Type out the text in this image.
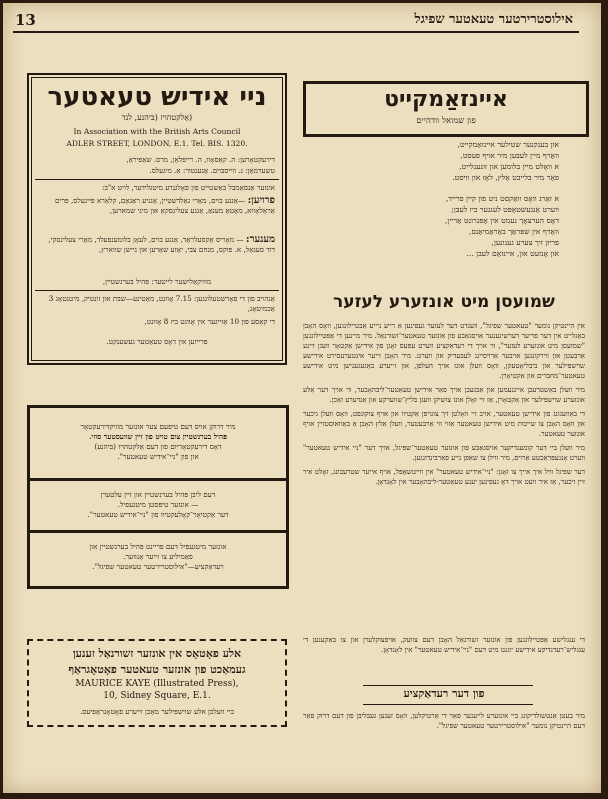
13	אילוסטרירטער טעאטער שפיגל
ניי אידיש טעאטער
(אַלקטהויז (בּיהנע, לנד
In Association with the British Arts Council
ADLER STREET, LONDON, E.1. Tel. BIS. 1320.
דירעקטאָרען: ה. קאַסאָוו, ה. רייפּלאַן, מרס. שאַפּיראַ,
טשערמאַן: ג. ווייסבּוים. אַגענטור: אַ. מיגעלס.
אונזער אַנסאַמבּל באַשטייט פון פאָלגנדע מיטגלידער, לויט א"ב:
פרויען: —אַננע בוים, מאַרי גאַלדשטיין, אַנניע ראַנאַם, קלאַרא פייגעלס, פּרים אַראַלאָווא, מאַטאַ מענאַ, אַנגע צעלינסקאַ און מיני שמארען,
מענער: — מאָריס אַקסעלראַד, אַנגע בוים, לעאָן בלומענפעלד, מאַרי צעלינסקי, דוד סעגאַל, א. פוקס, מנחם צבי, יאַזע שאַרען און ניישן שווארץ,
מוזיקאַלישער לייטער: פּהיל בערנשטיין,
אַנהויב פון די פאָרשטעלונגען: 7.15 אָוונט, מאַטינע—שבּת און זונטיק, מיטנטאָג 3 אַכמיטאָג,
די קאַסע פון 10 אַזייגער אין אָוונט ביז 8 אָוונט,
פּרייזען אין דאָס טעאַטער געשענקט.

מיר דרוקן אויס דעם טיפעם צער אונזער מוזיקדירעקטאָר

פּהיל בערנשטיין צום טויט פון זיין שוועסטער סוזי.

דאָס דירעקטאָריום פון דעם אַלקטהויז (בּיהנע)

און פון "ניי־אידיש טעאטער".

דעם ליבּן פּהיל בערנשטיין און זיין עלטערן

— אונזער טיפּסטן מיטגעפיל.

דער אַקטיאָר־קאָלעקטיוו פון "ניי־אידיש טעאטער".

אונזער מיטגעפיל דעם פריינט פּהיל בערנשטיין און

פאַמיליע צו זייער אָנווער.

רעדאַקציע—"אילוסטרירטער טעאטער שפיגל".

אלע פאָטאָס אין אונזער זשורנאַל זענען
געמאַכט פון אונזער טעאטער פאָטאָגראַף
MAURICE KAYE (Illustrated Press),
10, Sidney Square, E.1.
ביי וועלכן אלע שוישפּילער מאַכן זייערע פאָטאָגראַפיעס.
איינזאַמקייט
פון שמואל וודהיים

און בענקנער שטילער איינזאַמקייט,

וואַרף מיין לעבּען מיר אויף פעסט,

א וואָלט מיין בלומען און זונענלייט,

פאַר מיר בלייבט אַלץ, לאָז און וויסט.

א זאַרג וואָס וואַקסט ניט פון קיין פרייד,

ווערט אַנגעשטאָפּט לענגער ביז לעבּן;

דאָס הערצאָך נעמט אין אָפּגרונט אַריין,

וואַרף אין שפּראַך באַראַמיאַנס,

פריזן זיך צערע גענונען,

און אָנזעט און, איינזאַם לעבן ...

שמועסן מיט אונזערע לעזער

אין היינטיקן נומער "טעאטער שפיגל", ווענדט דער לעזער געפינען א רייע ניייע אַבטיילונגען, וואָס האָבן באַגלייט אין דער פריער דערשינענער אויסגאַבע פון אונזער טעאטער־זשורנאַל. מיר מיינען די אַפּטיילונגען "שמועסן מיט אונזערע לעזער", ווי אויך די רעדאַקציע ווערט עפּעס זאָגן פון אידישן אַקטאָר וועגן זיינע אַרבעטן און ווירקונגען אויבער אַרויסיינג לעבּעדיק און ווערט. מיר האָבן זייער אינטערעסירט אידישע שוישפּילער און ביבליאָטעקן, וואָס וועלן אונז אויך העלפן, און זייערע באַגעגענישן מיט אידישע טעאטער־מחבּרים און אַקטיאָרן.

מיר וועלן באַשטרעבן אייננעמען און אַבגעבן אויך פאַר אידישן טעאַטער־ליבּהאָבער, ווי אויך דער אַלע אונזערע שוישפּילער און אַקטאָרן, אַז זיי זאָלן אונז צושיקן וועגן בּליץ־שווערקע און אַנדערע זאַכן.

די באַוועגונג פון אידישן טעאטער, אויב זיי וואָלטן זיך צונויפן אַקטיוו און אויף צוקונפט, וואָס וועלן גיכער און וואָס האָבן צו שייכות מיט אידישן טעאטער אַזוי ווי אַרבעטער, וועלן אַלץ האָבן אַ באַוואוסטזיין אויף אונזער טעאטער.

מיר וועלן ביי דער קומענדיקער אויסגאַבע פון אונזער טעאַטער־שפּיגל, אויך דער "ניי אידיש טעאטער" ווערט אָנגעפּראַכטע אַרויס, מיר ווילן צו שאַפן נייע פאַרבינדונגען.

דער שפּיגל וויל איך אייך צו זאָגן: "ניי־אידיש טעאטער" אין ווייטשאַפּל, אויף אייער שטרעבונג, זאָלט איר זיין זיכער, אַז איר וועט אויך דאָ געפינען יענע טעאַטער-ליבּהאָבער אין לאָנדאָן.

די ענגלישע אַפּטיילונגען פון אונזער זשורנאַל האָבן דעם צוועק, אויפצוקלערן און צו באַקענען די ענגליש־רעדנדיקע אידישע יוגנט מיט דעם "ניי־אידיש טעאטער" אין לאָנדאָן.

פון דער רעדאַקציע

מיר בעטן אַנטשולדיקונג ביי אונזערע לייענער פאַר די אַרטיקלען, וואָס זענען געבּליבּן פון דעם דרוק פאַר דעם היינטיקן נומער "אילוסטרירטער טעאטער שפיגל".
